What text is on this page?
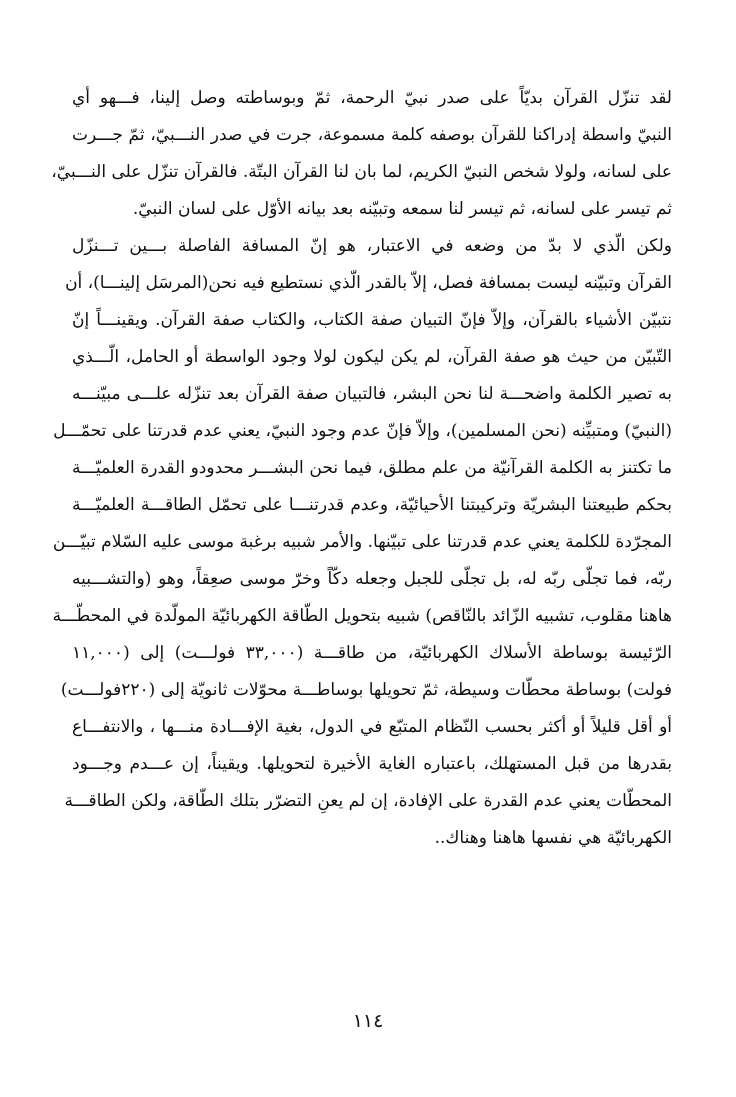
لقد تنزّل القرآن بديّاً على صدر نبيّ الرحمة، ثمّ وبوساطته وصل إلينا، فـــهو أي
النبيّ واسطة إدراكنا للقرآن بوصفه كلمة مسموعة، جرت في صدر النـــبيّ، ثمّ جـــرت
على لسانه، ولولا شخص النبيّ الكريم، لما بان لنا القرآن البتّة. فالقرآن تنزّل على النـــبيّ،
ثم تيسر على لسانه، ثم تيسر لنا سمعه وتبيّنه بعد بيانه الأوّل على لسان النبيّ.
ولكن الّذي لا بدّ من وضعه في الاعتبار، هو إنّ المسافة الفاصلة بـــين تـــنزّل
القرآن وتبيّنه ليست بمسافة فصل، إلاّ بالقدر الّذي نستطيع فيه نحن(المرسَل إلينـــا)، أن
نتبيّن الأشياء بالقرآن، وإلاّ فإنّ التبيان صفة الكتاب، والكتاب صفة القرآن. ويقينـــاً إنّ
التّبيّن من حيث هو صفة القرآن، لم يكن ليكون لولا وجود الواسطة أو الحامل، الّـــذي
به تصير الكلمة واضحـــة لنا نحن البشر، فالتبيان صفة القرآن بعد تنزّله علـــى مبيّنـــه
(النبيّ) ومتبيِّنه (نحن المسلمين)، وإلاّ فإنّ عدم وجود النبيّ، يعني عدم قدرتنا على تحمّـــل
ما تكتنز به الكلمة القرآنيّة من علم مطلق، فيما نحن البشـــر محدودو القدرة العلميّـــة
بحكم طبيعتنا البشريّة وتركيبتنا الأحيائيّة، وعدم قدرتنـــا على تحمّل الطاقـــة العلميّـــة
المجرّدة للكلمة يعني عدم قدرتنا على تبيّنها. والأمر شبيه برغبة موسى عليه السّلام تبيّـــن
ربّه، فما تجلّى ربّه له، بل تجلّى للجبل وجعله دكّاً وخرّ موسى صعِقاً، وهو (والتشـــبيه
هاهنا مقلوب، تشبيه الزّائد بالنّاقص) شبيه بتحويل الطّاقة الكهربائيّة المولّدة في المحطّـــة
الرّئيسة بوساطة الأسلاك الكهربائيّة، من طاقـــة (٣٣,٠٠٠ فولـــت) إلى (١١,٠٠٠
فولت) بوساطة محطّات وسيطة، ثمّ تحويلها بوساطـــة محوّلات ثانويّة إلى (٢٢٠فولـــت)
أو أقل قليلاً أو أكثر بحسب النّظام المتبّع في الدول، بغية الإفـــادة منـــها ، والانتفـــاع
بقدرها من قبل المستهلك، باعتباره الغاية الأخيرة لتحويلها. ويقيناً، إن عـــدم وجـــود
المحطّات يعني عدم القدرة على الإفادة، إن لم يعنِ التضرّر بتلك الطّاقة، ولكن الطاقـــة
الكهربائيّة هي نفسها هاهنا وهناك..
١١٤
